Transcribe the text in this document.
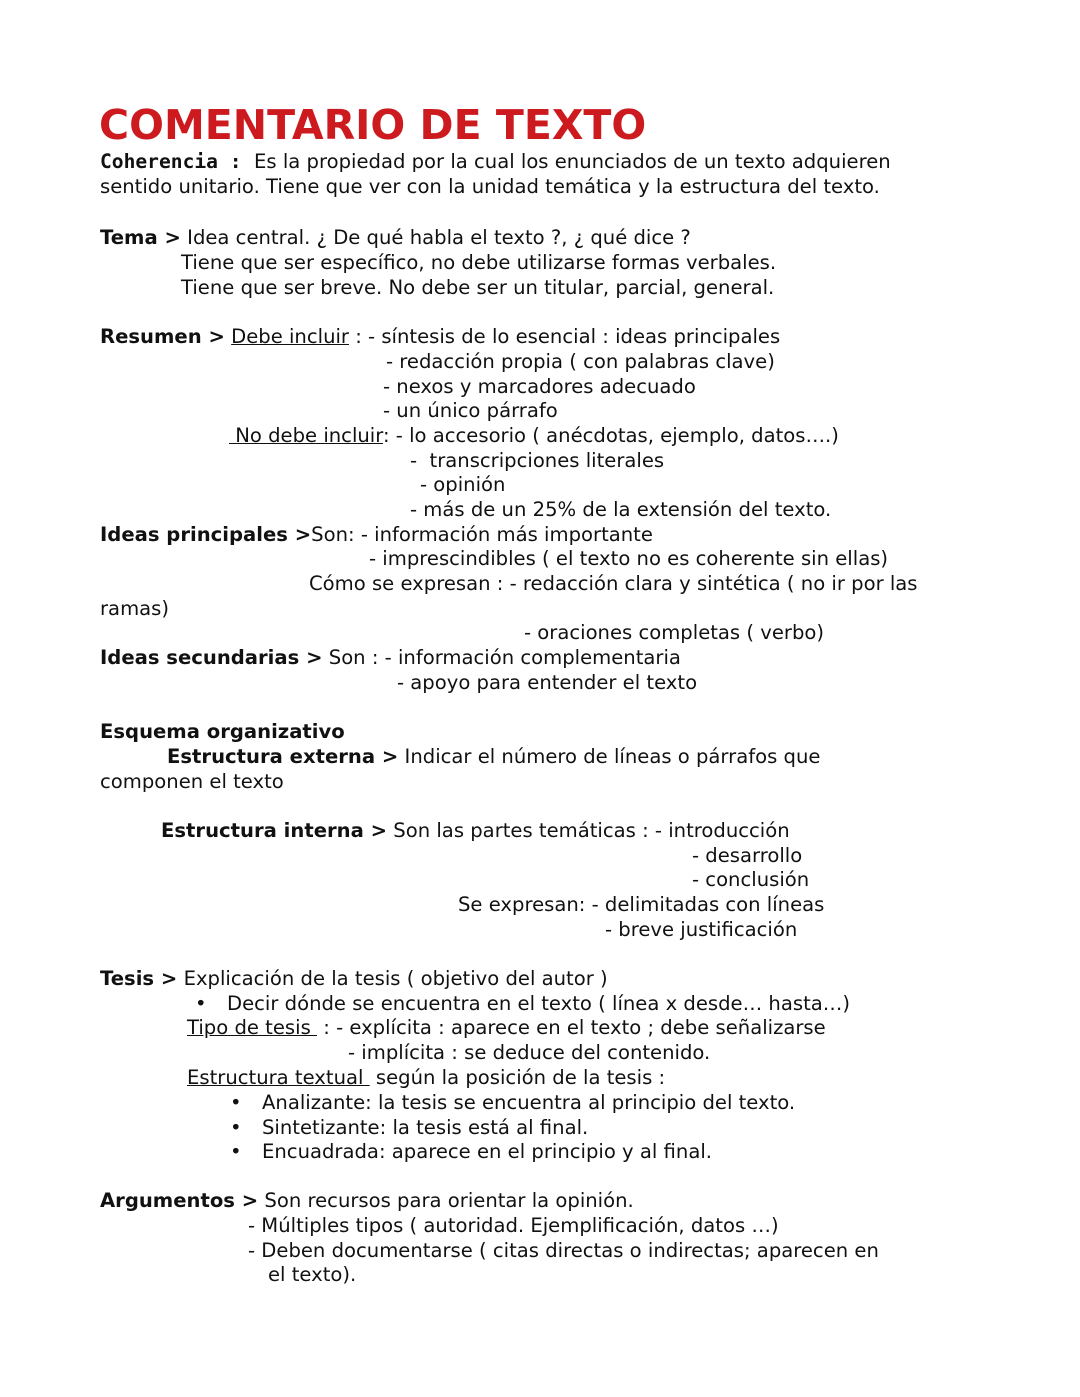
COMENTARIO DE TEXTO
Coherencia :  Es la propiedad por la cual los enunciados de un texto adquieren
sentido unitario. Tiene que ver con la unidad temática y la estructura del texto.
Tema > Idea central. ¿ De qué habla el texto ?, ¿ qué dice ?
Tiene que ser específico, no debe utilizarse formas verbales.
Tiene que ser breve. No debe ser un titular, parcial, general.
Resumen > Debe incluir : - síntesis de lo esencial : ideas principales
- redacción propia ( con palabras clave)
- nexos y marcadores adecuado
- un único párrafo
No debe incluir: - lo accesorio ( anécdotas, ejemplo, datos….)
-  transcripciones literales
- opinión
- más de un 25% de la extensión del texto.
Ideas principales >Son: - información más importante
- imprescindibles ( el texto no es coherente sin ellas)
Cómo se expresan : - redacción clara y sintética ( no ir por las
ramas)
- oraciones completas ( verbo)
Ideas secundarias > Son : - información complementaria
- apoyo para entender el texto
Esquema organizativo
Estructura externa > Indicar el número de líneas o párrafos que
componen el texto
Estructura interna > Son las partes temáticas : - introducción
- desarrollo
- conclusión
Se expresan: - delimitadas con líneas
- breve justificación
Tesis > Explicación de la tesis ( objetivo del autor )
• Decir dónde se encuentra en el texto ( línea x desde… hasta…)
Tipo de tesis  : - explícita : aparece en el texto ; debe señalizarse
- implícita : se deduce del contenido.
Estructura textual  según la posición de la tesis :
• Analizante: la tesis se encuentra al principio del texto.
• Sintetizante: la tesis está al final.
• Encuadrada: aparece en el principio y al final.
Argumentos > Son recursos para orientar la opinión.
- Múltiples tipos ( autoridad. Ejemplificación, datos …)
- Deben documentarse ( citas directas o indirectas; aparecen en
el texto).
